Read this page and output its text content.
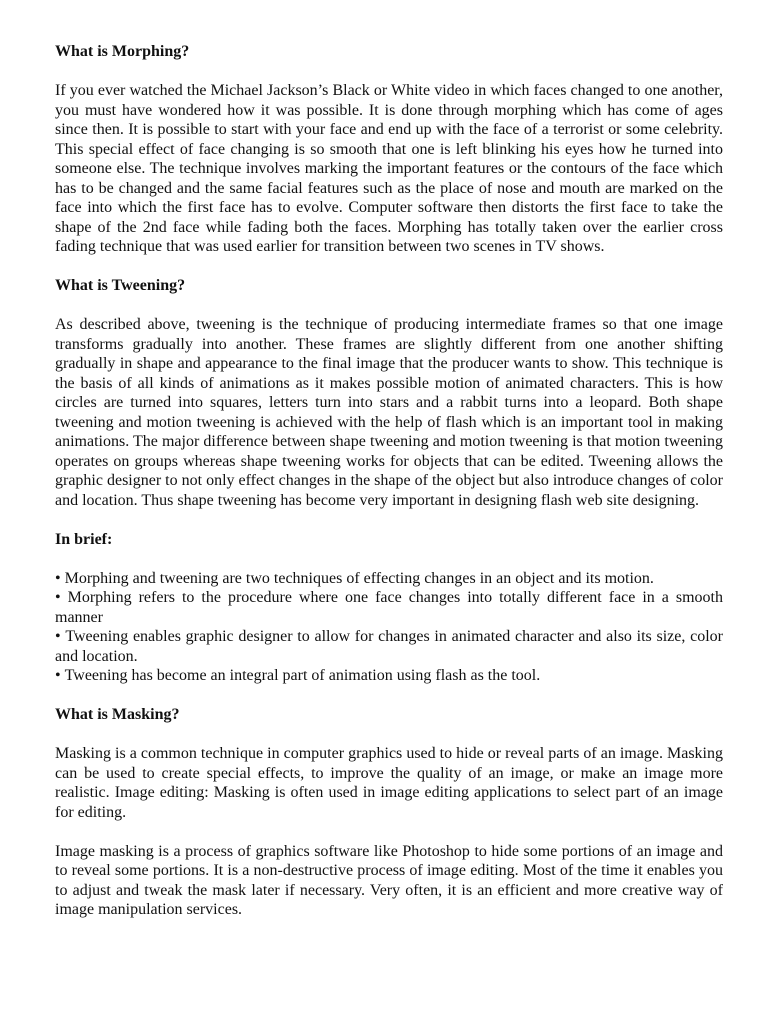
What is Morphing?

If you ever watched the Michael Jackson’s Black or White video in which faces changed to one another, you must have wondered how it was possible. It is done through morphing which has come of ages since then. It is possible to start with your face and end up with the face of a terrorist or some celebrity. This special effect of face changing is so smooth that one is left blinking his eyes how he turned into someone else. The technique involves marking the important features or the contours of the face which has to be changed and the same facial features such as the place of nose and mouth are marked on the face into which the first face has to evolve. Computer software then distorts the first face to take the shape of the 2nd face while fading both the faces. Morphing has totally taken over the earlier cross fading technique that was used earlier for transition between two scenes in TV shows.

What is Tweening?

As described above, tweening is the technique of producing intermediate frames so that one image transforms gradually into another. These frames are slightly different from one another shifting gradually in shape and appearance to the final image that the producer wants to show. This technique is the basis of all kinds of animations as it makes possible motion of animated characters. This is how circles are turned into squares, letters turn into stars and a rabbit turns into a leopard. Both shape tweening and motion tweening is achieved with the help of flash which is an important tool in making animations. The major difference between shape tweening and motion tweening is that motion tweening operates on groups whereas shape tweening works for objects that can be edited. Tweening allows the graphic designer to not only effect changes in the shape of the object but also introduce changes of color and location. Thus shape tweening has become very important in designing flash web site designing.

In brief:
• Morphing and tweening are two techniques of effecting changes in an object and its motion.
• Morphing refers to the procedure where one face changes into totally different face in a smooth manner
• Tweening enables graphic designer to allow for changes in animated character and also its size, color and location.
• Tweening has become an integral part of animation using flash as the tool.
What is Masking?

Masking is a common technique in computer graphics used to hide or reveal parts of an image. Masking can be used to create special effects, to improve the quality of an image, or make an image more realistic. Image editing: Masking is often used in image editing applications to select part of an image for editing.

Image masking is a process of graphics software like Photoshop to hide some portions of an image and to reveal some portions. It is a non-destructive process of image editing. Most of the time it enables you to adjust and tweak the mask later if necessary. Very often, it is an efficient and more creative way of image manipulation services.
